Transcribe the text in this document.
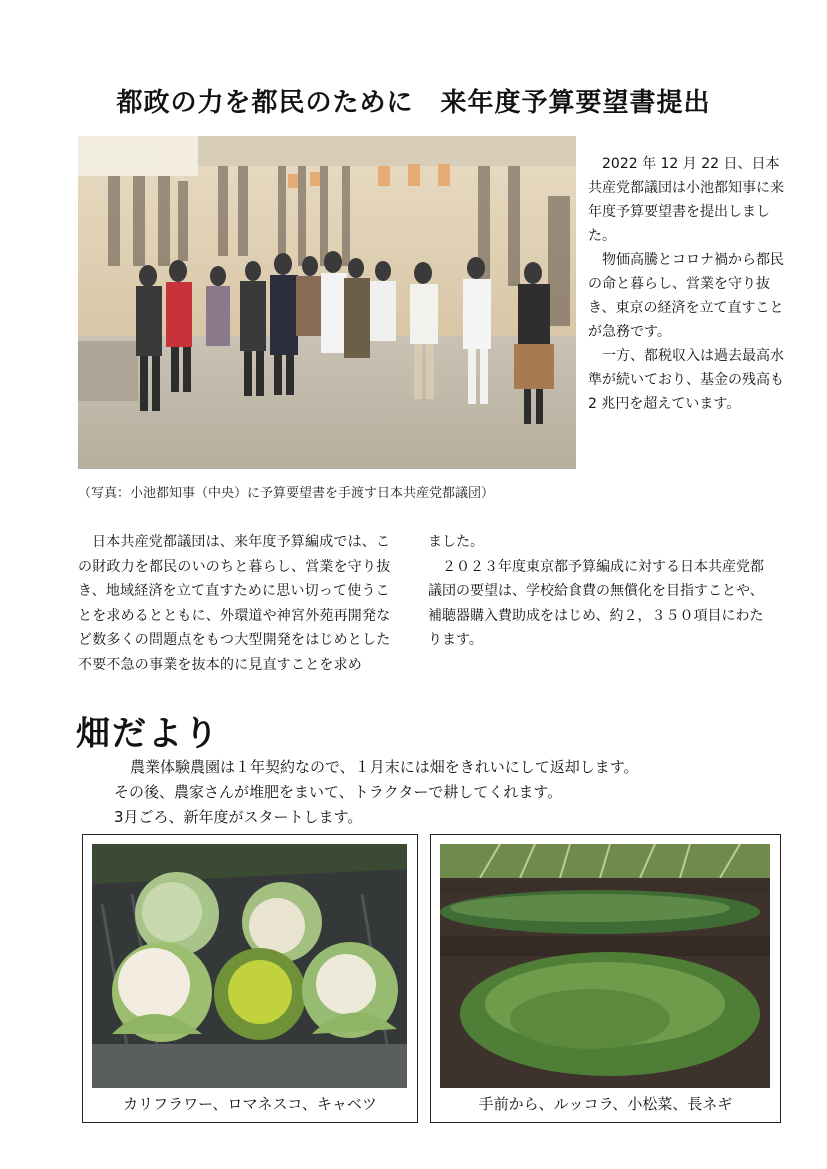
都政の力を都民のために　来年度予算要望書提出

2022 年 12 月 22 日、日本共産党都議団は小池都知事に来年度予算要望書を提出しました。

物価高騰とコロナ禍から都民の命と暮らし、営業を守り抜き、東京の経済を立て直すことが急務です。

一方、都税収入は過去最高水準が続いており、基金の残高も 2 兆円を超えています。

（写真：小池都知事（中央）に予算要望書を手渡す日本共産党都議団）
日本共産党都議団は、来年度予算編成では、この財政力を都民のいのちと暮らし、営業を守り抜き、地域経済を立て直すために思い切って使うことを求めるとともに、外環道や神宮外苑再開発など数多くの問題点をもつ大型開発をはじめとした不要不急の事業を抜本的に見直すことを求め

ました。

２０２３年度東京都予算編成に対する日本共産党都議団の要望は、学校給食費の無償化を目指すことや、補聴器購入費助成をはじめ、約２，３５０項目にわたります。

畑だより
農業体験農園は１年契約なので、１月末には畑をきれいにして返却します。
その後、農家さんが堆肥をまいて、トラクターで耕してくれます。
3月ごろ、新年度がスタートします。
カリフラワー、ロマネスコ、キャベツ	手前から、ルッコラ、小松菜、長ネギ
